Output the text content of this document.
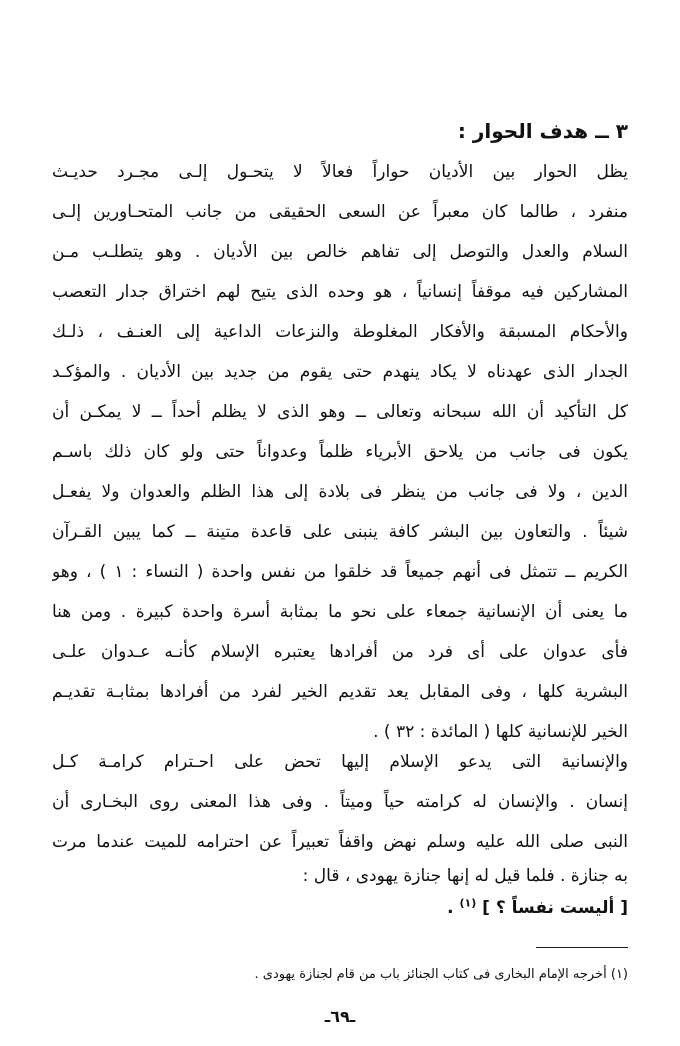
٣ ــ هدف الحوار :
يظل الحوار بين الأديان حواراً فعالاً لا يتحـول إلـى مجـرد حديـث
منفرد ، طالما كان معبراً عن السعى الحقيقى من جانب المتحـاورين إلـى
السلام والعدل والتوصل إلى تفاهم خالص بين الأديان . وهو يتطلـب مـن
المشاركين فيه موقفاً إنسانياً ، هو وحده الذى يتيح لهم اختراق جدار التعصب
والأحكام المسبقة والأفكار المغلوطة والنزعات الداعية إلى العنـف ، ذلـك
الجدار الذى عهدناه لا يكاد ينهدم حتى يقوم من جديد بين الأديان . والمؤكـد
كل التأكيد أن الله سبحانه وتعالى ــ وهو الذى لا يظلم أحداً ــ لا يمكـن أن
يكون فى جانب من يلاحق الأبرياء ظلماً وعدواناً حتى ولو كان ذلك باسـم
الدين ، ولا فى جانب من ينظر فى بلادة إلى هذا الظلم والعدوان ولا يفعـل
شيئاً . والتعاون بين البشر كافة ينبنى على قاعدة متينة ــ كما يبين القـرآن
الكريم ــ تتمثل فى أنهم جميعاً قد خلقوا من نفس واحدة ( النساء : ١ ) ، وهو
ما يعنى أن الإنسانية جمعاء على نحو ما بمثابة أسرة واحدة كبيرة . ومن هنا
فأى عدوان على أى فرد من أفرادها يعتبره الإسلام كأنـه عـدوان علـى
البشرية كلها ، وفى المقابل يعد تقديم الخير لفرد من أفرادها بمثابـة تقديـم
الخير للإنسانية كلها ( المائدة : ٣٢ ) .
والإنسانية التى يدعو الإسلام إليها تحض على احـترام كرامـة كـل
إنسان . والإنسان له كرامته حياً وميتاً . وفى هذا المعنى روى البخـارى أن
النبى صلى الله عليه وسلم نهض واقفاً تعبيراً عن احترامه للميت عندما مرت
به جنازة . فلما قيل له إنها جنازة يهودى ، قال :
[ أليست نفساً ؟ ] $^{(١)}$ .
(١) أخرجه الإمام البخارى فى كتاب الجنائز باب من قام لجنازة يهودى .
ـ٦٩ـ
